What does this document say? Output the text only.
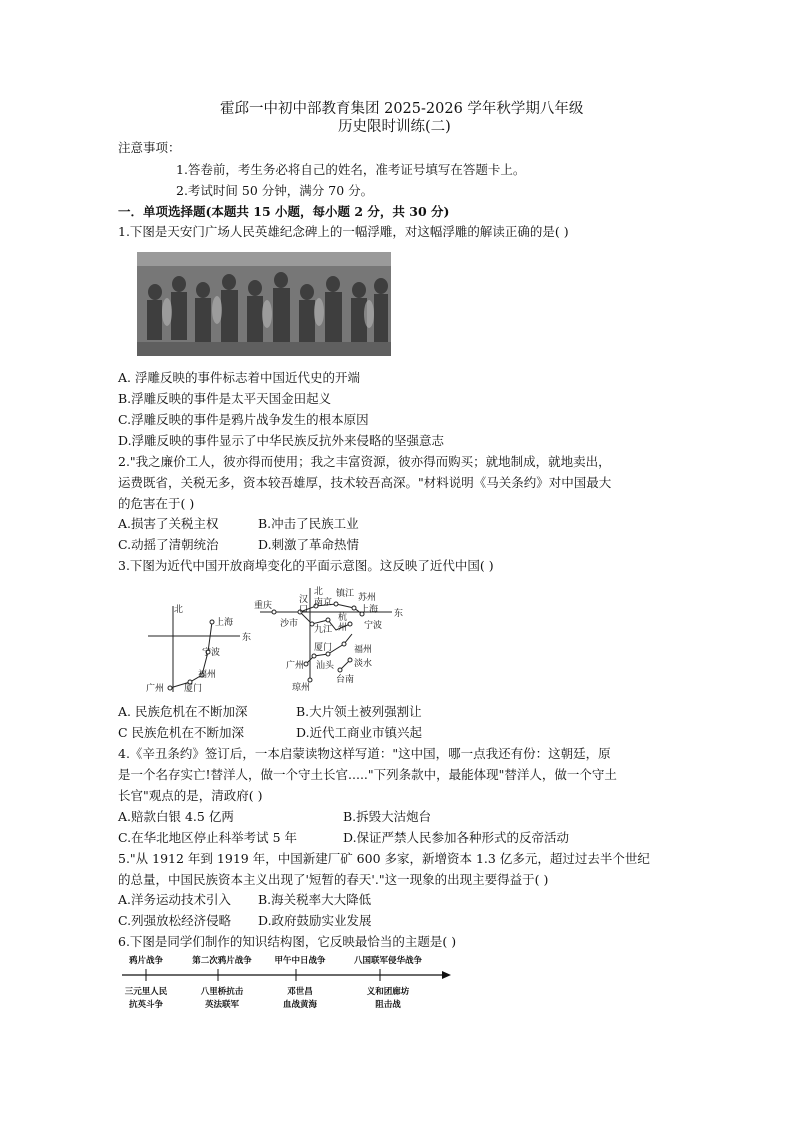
霍邱一中初中部教育集团 2025-2026 学年秋学期八年级
历史限时训练(二)
注意事项：
1.答卷前，考生务必将自己的姓名，准考证号填写在答题卡上。
2.考试时间 50 分钟，满分 70 分。
一．单项选择题(本题共 15 小题，每小题 2 分，共 30 分)
1.下图是天安门广场人民英雄纪念碑上的一幅浮雕，对这幅浮雕的解读正确的是( )
A. 浮雕反映的事件标志着中国近代史的开端
B.浮雕反映的事件是太平天国金田起义
C.浮雕反映的事件是鸦片战争发生的根本原因
D.浮雕反映的事件显示了中华民族反抗外来侵略的坚强意志
2."我之廉价工人，彼亦得而使用；我之丰富资源，彼亦得而购买；就地制成，就地卖出，
运费既省，关税无多，资本较吾雄厚，技术较吾高深。"材料说明《马关条约》对中国最大
的危害在于( )
A.损害了关税主权	B.冲击了民族工业
C.动摇了清朝统治	D.刺激了革命热情
3.下图为近代中国开放商埠变化的平面示意图。这反映了近代中国( )
北
东
上海
宁波
福州
厦门
广州
北
东
重庆
沙市
汉
口
南京
镇江 苏州
上海
九江
杭
州 宁波
厦门 福州
广州 汕头 淡水
台南
琼州
A. 民族危机在不断加深	B.大片领土被列强割让
C 民族危机在不断加深	D.近代工商业市镇兴起
4.《辛丑条约》签订后，一本启蒙读物这样写道："这中国，哪一点我还有份：这朝廷，原
是一个名存实亡!替洋人，做一个守土长官....."下列条款中，最能体现"替洋人，做一个守土
长官"观点的是，清政府( )
A.赔款白银 4.5 亿两	B.拆毁大沽炮台
C.在华北地区停止科举考试 5 年	D.保证严禁人民参加各种形式的反帝活动
5."从 1912 年到 1919 年，中国新建厂矿 600 多家，新增资本 1.3 亿多元，超过过去半个世纪
的总量，中国民族资本主义出现了'短暂的春天'."这一现象的出现主要得益于( )
A.洋务运动技术引入 B.海关税率大大降低
C.列强放松经济侵略 D.政府鼓励实业发展
6.下图是同学们制作的知识结构图，它反映最恰当的主题是( )
鸦片战争	第二次鸦片战争	甲午中日战争	八国联军侵华战争
三元里人民
抗英斗争
八里桥抗击
英法联军
邓世昌
血战黄海
义和团廊坊
阻击战
